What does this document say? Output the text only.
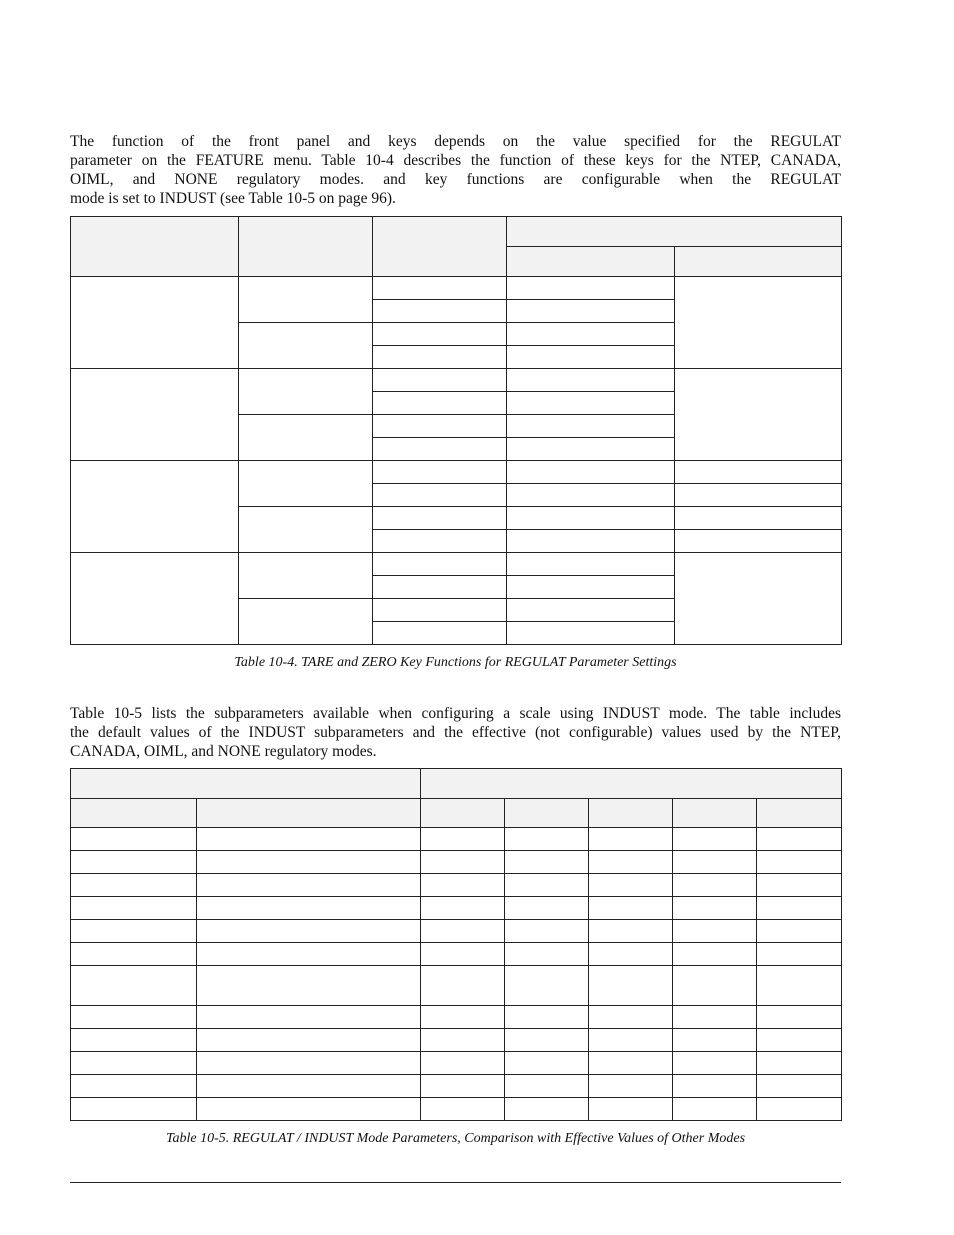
The function of the front panel and keys depends on the value specified for the REGULAT
parameter on the FEATURE menu. Table 10-4 describes the function of these keys for the NTEP, CANADA,
OIML, and NONE regulatory modes. and key functions are configurable when the REGULAT
mode is set to INDUST (see Table 10-5 on page 96).

Table 10-4. TARE and ZERO Key Functions for REGULAT Parameter Settings

Table 10-5 lists the subparameters available when configuring a scale using INDUST mode. The table includes
the default values of the INDUST subparameters and the effective (not configurable) values used by the NTEP,
CANADA, OIML, and NONE regulatory modes.

Table 10-5. REGULAT / INDUST Mode Parameters, Comparison with Effective Values of Other Modes
